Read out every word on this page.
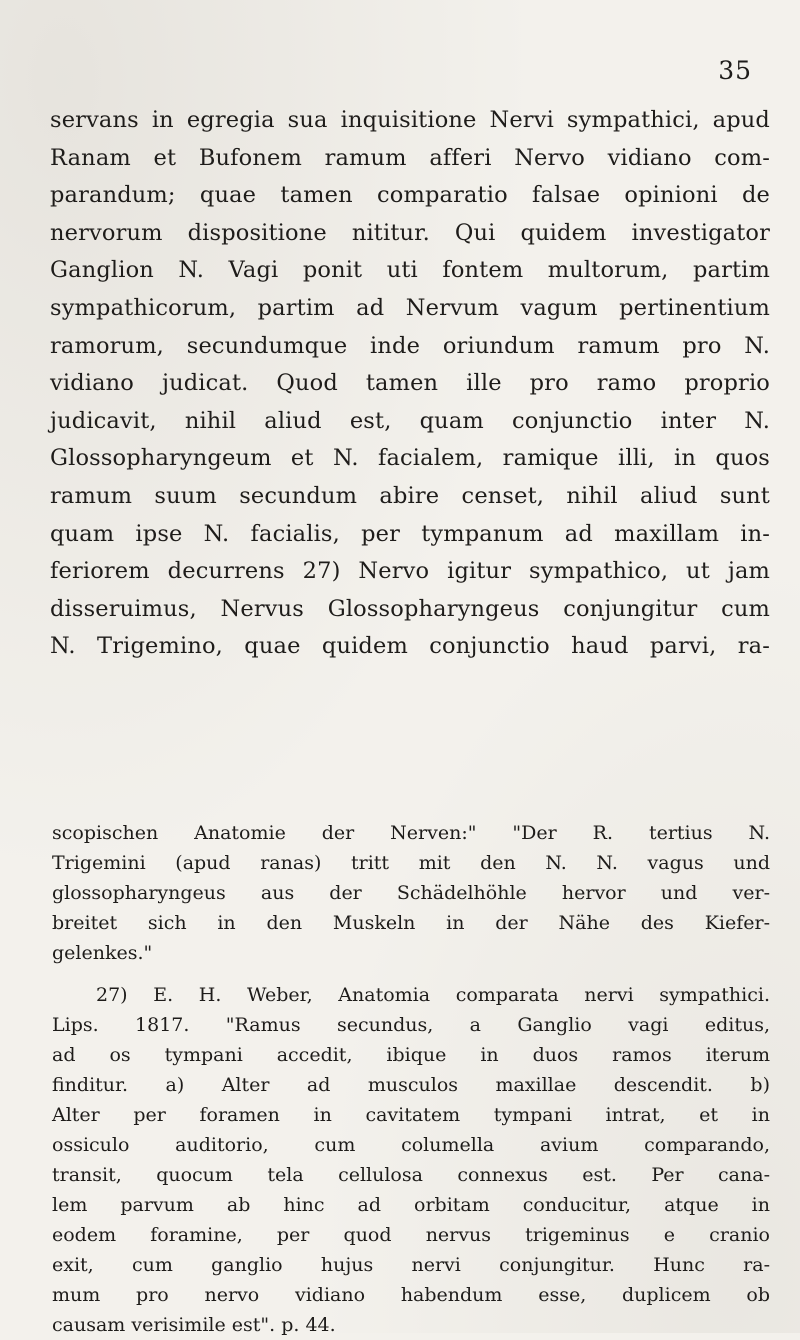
35
servans in egregia sua inquisitione Nervi sympathici, apud
Ranam et Bufonem ramum afferi Nervo vidiano com-
parandum; quae tamen comparatio falsae opinioni de
nervorum dispositione nititur. Qui quidem investigator
Ganglion N. Vagi ponit uti fontem multorum, partim
sympathicorum, partim ad Nervum vagum pertinentium
ramorum, secundumque inde oriundum ramum pro N.
vidiano judicat. Quod tamen ille pro ramo proprio
judicavit, nihil aliud est, quam conjunctio inter N.
Glossopharyngeum et N. facialem, ramique illi, in quos
ramum suum secundum abire censet, nihil aliud sunt
quam ipse N. facialis, per tympanum ad maxillam in-
feriorem decurrens 27) Nervo igitur sympathico, ut jam
disseruimus, Nervus Glossopharyngeus conjungitur cum
N. Trigemino, quae quidem conjunctio haud parvi, ra-
scopischen Anatomie der Nerven:" "Der R. tertius N.
Trigemini (apud ranas) tritt mit den N. N. vagus und
glossopharyngeus aus der Schädelhöhle hervor und ver-
breitet sich in den Muskeln in der Nähe des Kiefer-
gelenkes."
27) E. H. Weber, Anatomia comparata nervi sympathici.
Lips. 1817. "Ramus secundus, a Ganglio vagi editus,
ad os tympani accedit, ibique in duos ramos iterum
finditur. a) Alter ad musculos maxillae descendit. b)
Alter per foramen in cavitatem tympani intrat, et in
ossiculo auditorio, cum columella avium comparando,
transit, quocum tela cellulosa connexus est. Per cana-
lem parvum ab hinc ad orbitam conducitur, atque in
eodem foramine, per quod nervus trigeminus e cranio
exit, cum ganglio hujus nervi conjungitur. Hunc ra-
mum pro nervo vidiano habendum esse, duplicem ob
causam verisimile est". p. 44.
